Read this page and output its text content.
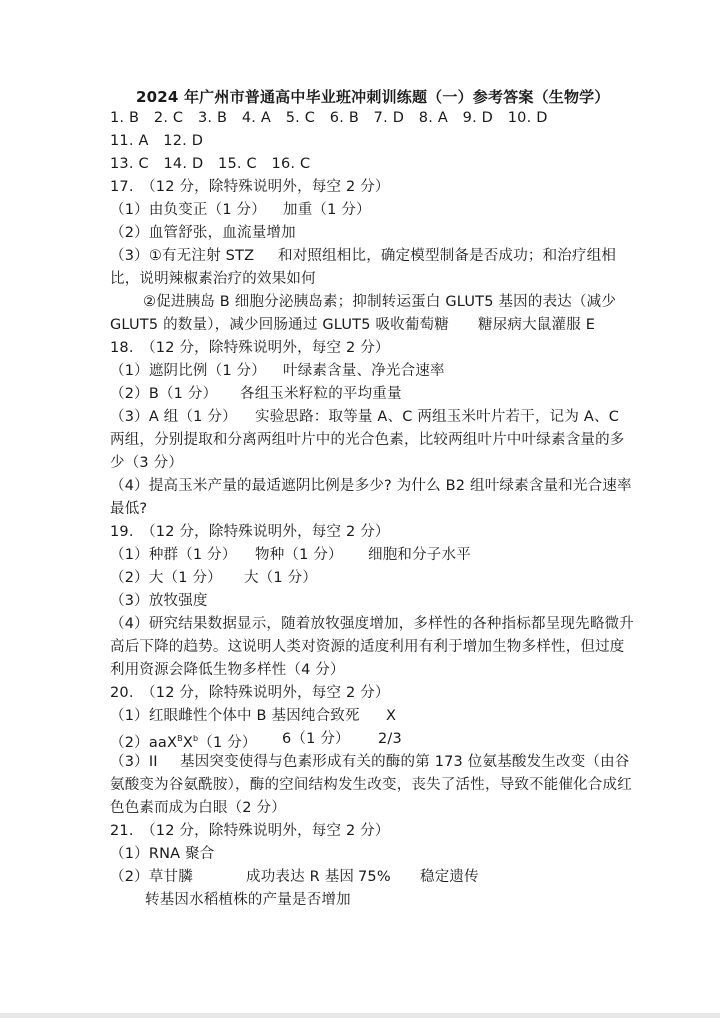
2024 年广州市普通高中毕业班冲刺训练题（一）参考答案（生物学）
1. B　2. C　3. B　4. A　5. C　6. B　7. D　8. A　9. D　10. D
11. A　12. D
13. C　14. D　15. C　16. C
17.　（12 分，除特殊说明外，每空 2 分）
（1）由负变正（1 分） 加重（1 分）
（2）血管舒张，血流量增加
（3）①有无注射 STZ 和对照组相比，确定模型制备是否成功；和治疗组相
比，说明辣椒素治疗的效果如何
②促进胰岛 B 细胞分泌胰岛素；抑制转运蛋白 GLUT5 基因的表达（减少
GLUT5 的数量），减少回肠通过 GLUT5 吸收葡萄糖 糖尿病大鼠灌服 E
18.　（12 分，除特殊说明外，每空 2 分）
（1）遮阴比例（1 分） 叶绿素含量、净光合速率
（2）B（1 分） 各组玉米籽粒的平均重量
（3）A 组（1 分） 实验思路：取等量 A、C 两组玉米叶片若干，记为 A、C
两组，分别提取和分离两组叶片中的光合色素，比较两组叶片中叶绿素含量的多
少（3 分）
（4）提高玉米产量的最适遮阴比例是多少? 为什么 B2 组叶绿素含量和光合速率
最低?
19.　（12 分，除特殊说明外，每空 2 分）
（1）种群（1 分） 物种（1 分） 细胞和分子水平
（2）大（1 分） 大（1 分）
（3）放牧强度
（4）研究结果数据显示，随着放牧强度增加，多样性的各种指标都呈现先略微升
高后下降的趋势。这说明人类对资源的适度利用有利于增加生物多样性，但过度
利用资源会降低生物多样性（4 分）
20.　（12 分，除特殊说明外，每空 2 分）
（1）红眼雌性个体中 B 基因纯合致死 X
$(2)aaX^BX^b(1$ 分） 6（1 分） 2/3
（3）II 基因突变使得与色素形成有关的酶的第 173 位氨基酸发生改变（由谷
氨酸变为谷氨酰胺），酶的空间结构发生改变，丧失了活性，导致不能催化合成红
色色素而成为白眼（2 分）
21.　（12 分，除特殊说明外，每空 2 分）
（1）RNA 聚合
（2）草甘膦	成功表达 R 基因 75% 稳定遗传
转基因水稻植株的产量是否增加
